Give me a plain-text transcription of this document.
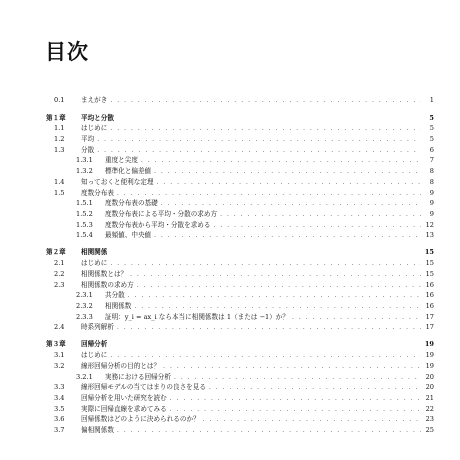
目次
0.1	まえがき . . .	1
第１章 平均と分散	5
1.1	はじめに . . .	5
1.2	平均 . . .	5
1.3	分散 . . .	6
1.3.1 重度と尖度 . . .	7
1.3.2 標準化と偏差値 . . .	8
1.4	知っておくと便利な定理 . . .	8
1.5	度数分布表 . . .	9
1.5.1 度数分布表の基礎 . . .	9
1.5.2 度数分布表による平均・分散の求め方 . . .	9
1.5.3 度数分布表から平均・分散を求める . . .	12
1.5.4 最頻値、中央値 . . .	13
第２章 相関関係	15
2.1	はじめに . . .	15
2.2	相関係数とは？ . . .	15
2.3	相関係数の求め方 . . .	16
2.3.1 共分散 . . .	16
2.3.2 相関係数 . . .	16
2.3.3 証明：y_i = ax_i なら本当に相関係数は 1（または −1）か？ . . .	17
2.4	時系列解析 . . .	17
第３章 回帰分析	19
3.1	はじめに . . .	19
3.2	線形回帰分析の目的とは？ . . .	19
3.2.1 実務における回帰分析 . . .	20
3.3	線形回帰モデルの当てはまりの良さを見る . . .	20
3.4	回帰分析を用いた研究を読む . . .	21
3.5	実際に回帰直線を求めてみる . . .	22
3.6	回帰係数はどのように決められるのか？ . . .	23
3.7	偏相関係数 . . .	25
